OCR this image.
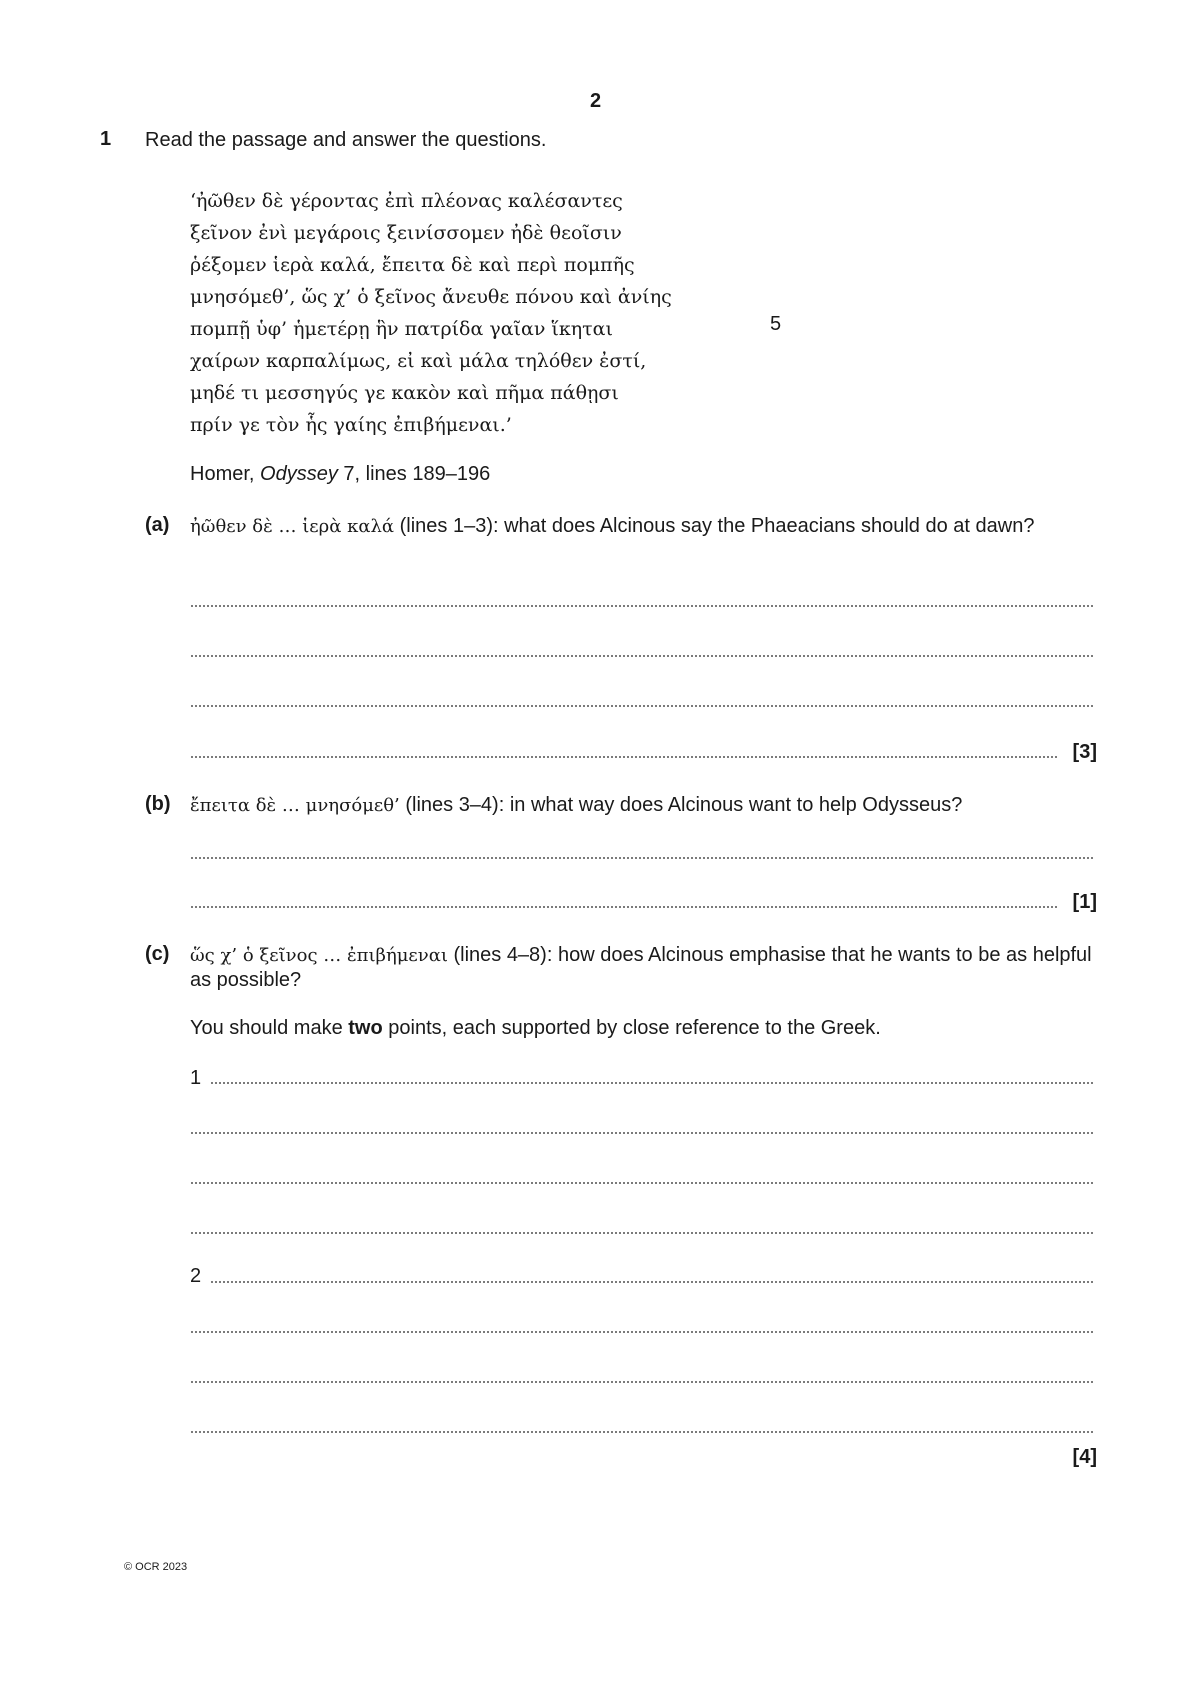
2
1 Read the passage and answer the questions.
‘ἠῶθεν δὲ γέροντας ἐπὶ πλέονας καλέσαντες
ξεῖνον ἐνὶ μεγάροις ξεινίσσομεν ἠδὲ θεοῖσιν
ῥέξομεν ἱερὰ καλά, ἔπειτα δὲ καὶ περὶ πομπῆς
μνησόμεθ’, ὥς χ’ ὁ ξεῖνος ἄνευθε πόνου καὶ ἀνίης
πομπῇ ὑφ’ ἡμετέρῃ ἣν πατρίδα γαῖαν ἵκηται
χαίρων καρπαλίμως, εἰ καὶ μάλα τηλόθεν ἐστί,
μηδέ τι μεσσηγύς γε κακὸν καὶ πῆμα πάθῃσι
πρίν γε τὸν ἧς γαίης ἐπιβήμεναι.’
5
Homer, Odyssey 7, lines 189–196
(a) ἠῶθεν δὲ … ἱερὰ καλά (lines 1–3): what does Alcinous say the Phaeacians should do at dawn?
[3]
(b) ἔπειτα δὲ … μνησόμεθ’ (lines 3–4): in what way does Alcinous want to help Odysseus?
[1]
(c) ὥς χ’ ὁ ξεῖνος … ἐπιβήμεναι (lines 4–8): how does Alcinous emphasise that he wants to be as helpful as possible?
You should make two points, each supported by close reference to the Greek.
1
2
[4]
© OCR 2023
